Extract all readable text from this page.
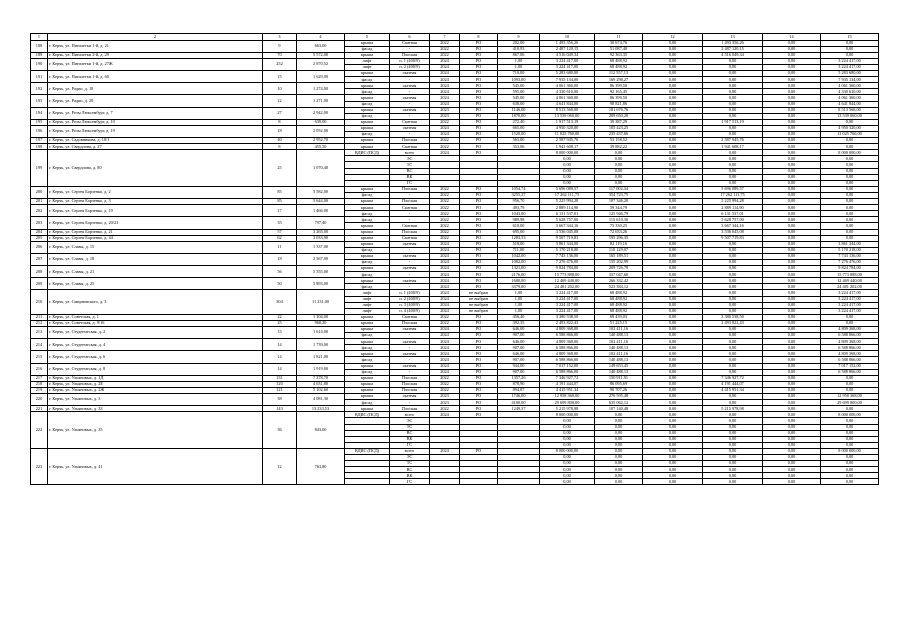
1	2	3	4	5	6	7	8	9	10	11	12	13	14	15
188	г. Керчь, ул. Пятилетки 1-й, д. 21	9	663,00	крыша	Скатная	2022	РО	202,00	1 493 356,26	30 674,76	0,00	1 493 356,26	0,00	0,00
				фасад	-	2022	РО	410,93	2 487 120,15	51 087,48	0,00	2 487 120,15	0,00	0,00
189	г. Керчь, ул. Пятилетки 2-й, д. 29	70	5 572,00	крыша	Плоская	2022	РО	867,06	4 516 049,34	92 363,35	0,00	4 516 049,34	0,00	0,00
190	г. Керчь, ул. Пятилетки 1-й, д. 27Ж	252	2 870,52	лифт	п. 1 (400/9)	2024	РО	1,00	3 224 417,00	68 488,92	0,00	0,00	0,00	3 224 417,00
				лифт	п. 2 (400/9)	2024	РО	1,00	3 224 417,00	68 488,92	0,00	0,00	0,00	3 224 417,00
191	г. Керчь, ул. Пятилетки 1-й, д. 60	15	1 629,00	крыша	скатная	2024	РО	710,00	5 283 680,00	112 557,13	0,00	0,00	0,00	5 283 680,00
				фасад	-	2024	РО	1093,00	7 935 134,00	169 298,27	0,00	0,00	0,00	7 935 134,00
192	г. Керчь, ул. Радио, д. 18	10	1 274,00	крыша	скатная	2024	РО	545,00	4 061 360,00	86 399,50	0,00	0,00	0,00	4 061 360,00
				фасад	-	2024	РО	595,00	4 330 610,00	92 165,45	0,00	0,00	0,00	4 330 610,00
193	г. Керчь, ул. Радио, д. 20	12	1 271,00	крыша	скатная	2024	РО	545,00	4 061 360,00	86 399,50	0,00	0,00	0,00	4 061 360,00
				фасад	-	2024	РО	638,00	4 641 844,00	98 821,86	0,00	0,00	0,00	4 641 844,00
194	г. Керчь, ул. Розы Люксембург, д. 7	27	2 942,00	крыша	скатная	2023	РО	1146,00	8 513 568,00	181 676,76	0,00	0,00	0,00	8 513 568,00
				фасад	-	2023	РО	1870,00	13 539 060,00	289 650,28	0,00	0,00	0,00	13 539 060,00
195	г. Керчь, ул. Розы Люксембург, д. 10	8	639,00	крыша	Скатная	2022	РО	272,40	1 917 513,19	39 387,29	0,00	1 917 513,19	0,00	0,00
196	г. Керчь, ул. Розы Люксембург, д. 19	18	2 052,00	крыша	скатная	2024	РО	665,00	4 950 320,00	105 423,25	0,00	0,00	0,00	4 950 320,00
				фасад	-	2024	РО	1520,00	11 025 760,00	235 437,66	0,00	0,00	0,00	11 025 760,00
197	г. Керчь, ул. Садовникова, д. 10/1	40	2 952,70	крыша	Плоская	2022	РО	563,00	2 587 945,76	53 158,52	0,00	2 587 945,76	0,00	0,00
198	г. Керчь, ул. Свердлова, д. 27	8	455,50	крыша	Скатная	2022	РО	353,06	1 941 608,17	39 882,22	0,00	1 941 608,17	0,00	0,00
199	г. Керчь, ул. Свердлова, д. 80	25	1 070,40	ВДИС (ПСД)	всего	2024	РО		8 000 000,00	0,00	0,00	0,00	0,00	8 000 000,00
					ЭС				0,00	0,00	0,00	0,00	0,00	0,00
					ТС				0,00	0,00	0,00	0,00	0,00	0,00
					ВС				0,00	0,00	0,00	0,00	0,00	0,00
					ВК				0,00	0,00	0,00	0,00	0,00	0,00
					ГС				0,00	0,00	0,00	0,00	0,00	0,00
200	г. Керчь, ул. Сергея Борзенко, д. 2	85	5 582,00	крыша	Плоская	2022	РО	1054,74	5 696 089,57	117 002,34	0,00	5 696 089,57	0,00	0,00
				фасад	-	2022	РО	3255,27	17 262 111,75	354 723,75	0,00	17 262 111,75	0,00	0,00
201	г. Керчь, ул. Сергея Борзенко, д. 3	85	5 644,00	крыша	Плоская	2022	РО	956,70	5 225 994,28	107 346,20	0,00	5 225 994,28	0,00	0,00
202	г. Керчь, ул. Сергея Борзенко, д. 19	17	1 466,00	крыша	Скатная	2022	РО	493,79	2 889 114,90	59 344,79	0,00	2 889 114,90	0,00	0,00
				фасад	-	2022	РО	1043,00	6 131 537,01	125 946,79	0,00	6 131 537,01	0,00	0,00
203	г. Керчь, ул. Сергея Борзенко, д. 20/21	35	797,40	фасад	-	2022	РО	989,98	5 628 757,00	115 619,30	0,00	5 628 757,00	0,00	0,00
				крыша	Скатная	2022	РО	610,00	3 667 344,16	75 330,25	0,00	3 667 344,16	0,00	0,00
204	г. Керчь, ул. Сергея Борзенко, д. 21	57	3 265,00	крыша	Плоская	2022	РО	695,00	3 536 045,08	72 633,26	0,00	3 536 045,08	0,00	0,00
205	г. Керчь, ул. Сергея Борзенко, д. 44	62	3 033,90	крыша	Скатная	2022	РО	1283,53	9 507 719,83	195 296,35	0,00	9 507 719,83	0,00	0,00
206	г. Керчь, ул. Славы, д. 15	11	1 337,00	крыша	скатная	2024	РО	518,00	3 861 344,00	82 119,16	0,00	0,00	0,00	3 861 344,00
				фасад	-	2024	РО	711,00	5 170 218,00	110 129,07	0,00	0,00	0,00	5 170 218,00
207	г. Керчь, ул. Славы, д. 18	18	2 567,00	крыша	скатная	2024	РО	1042,00	7 743 136,00	165 189,51	0,00	0,00	0,00	7 743 136,00
				фасад	-	2024	РО	1002,00	7 276 476,00	155 202,99	0,00	0,00	0,00	7 276 476,00
208	г. Керчь, ул. Славы, д. 21	56	5 355,00	крыша	скатная	2024	РО	1321,00	9 824 784,00	209 726,78	0,00	0,00	0,00	9 824 784,00
				фасад	-	2024	РО	2176,00	15 773 888,00	337 047,60	0,00	0,00	0,00	15 773 888,00
209	г. Керчь, ул. Славы, д. 25	50	5 893,00	крыша	скатная	2024	РО	1680,00	12 469 440,00	266 332,42	0,00	0,00	0,00	12 469 440,00
				фасад	-	2024	РО	3379,00	24 481 202,00	523 384,12	0,00	0,00	0,00	24 481 202,00
210	г. Керчь, ул. Смирновского, д. 3	304	11 231,00	лифт	п. 1 (400/9)	2024	не выбран	1,00	3 224 417,00	68 488,92	0,00	0,00	0,00	3 224 417,00
				лифт	п. 2 (400/9)	2024	не выбран	1,00	3 224 417,00	68 488,92	0,00	0,00	0,00	3 224 417,00
				лифт	п. 3 (400/9)	2024	не выбран	1,00	3 224 417,00	68 488,92	0,00	0,00	0,00	3 224 417,00
				лифт	п. 4 (400/9)	2024	не выбран	1,00	3 224 417,00	68 488,92	0,00	0,00	0,00	3 224 417,00
211	г. Керчь, ул. Советская, д. 1	22	1 104,00	крыша	Скатная	2022	РО	456,40	3 380 538,50	69 439,03	0,00	3 380 538,50	0,00	0,00
212	г. Керчь, ул. Советская, д. 9/16	25	960,20	крыша	Плоская	2022	РО	392,35	2 493 822,43	51 225,15	0,00	2 493 822,43	0,00	0,00
213	г. Керчь, ул. Студенческая, д. 2	15	1 614,00	крыша	скатная	2024	РО	646,00	4 809 368,00	102 411,16	0,00	0,00	0,00	4 809 368,00
				фасад	-	2024	РО	907,00	6 588 866,00	140 488,13	0,00	0,00	0,00	6 588 866,00
214	г. Керчь, ул. Студенческая, д. 4	14	1 739,00	крыша	скатная	2024	РО	646,00	4 809 368,00	102 411,16	0,00	0,00	0,00	4 809 368,00
				фасад	-	2024	РО	907,00	6 588 866,00	140 488,13	0,00	0,00	0,00	6 588 866,00
215	г. Керчь, ул. Студенческая, д. 6	14	1 821,00	крыша	скатная	2024	РО	646,00	4 809 368,00	102 411,16	0,00	0,00	0,00	4 809 368,00
				фасад	-	2024	РО	907,00	6 588 866,00	140 488,13	0,00	0,00	0,00	6 588 866,00
216	г. Керчь, ул. Студенческая, д. 8	14	1 919,00	крыша	скатная	2024	РО	944,00	7 017 152,00	149 653,45	0,00	0,00	0,00	7 017 152,00
				фасад	-	2024	РО	907,00	6 588 866,00	140 488,13	0,00	0,00	0,00	6 588 866,00
217	г. Керчь, ул. Ульяновых, д. 1Д	131	7 378,70	крыша	Плоская	2022	РО	1357,26	7 346 927,72	150 911,91	0,00	7 346 927,72	0,00	0,00
218	г. Керчь, ул. Ульяновых, д. 2Е	120	4 631,80	крыша	Плоская	2022	РО	878,90	4 191 444,07	86 095,69	0,00	4 191 444,07	0,00	0,00
219	г. Керчь, ул. Ульяновых, д. 2Ж	121	5 102,60	крыша	Плоская	2022	РО	894,87	4 415 951,34	90 707,26	0,00	4 415 951,34	0,00	0,00
220	г. Керчь, ул. Ульяновых, д. 3	38	4 081,30	крыша	скатная	2023	РО	1746,00	12 958 368,00	276 595,48	0,00	0,00	0,00	12 958 368,00
				фасад	-	2023	РО	4100,00	29 699 800,00	635 062,12	0,00	0,00	0,00	29 699 800,00
221	г. Керчь, ул. Ульяновых, д. 33	143	13 233,53	крыша	Плоская	2022	РО	1249,37	5 215 978,98	107 140,48	0,00	5 215 978,98	0,00	0,00
222	г. Керчь, ул. Ульяновых, д. 35	36	843,00	ВДИС (ПСД)	всего	2024	РО		8 000 000,00	0,00	0,00	0,00	0,00	8 000 000,00
					ЭС				0,00	0,00	0,00	0,00	0,00	0,00
					ТС				0,00	0,00	0,00	0,00	0,00	0,00
					ВС				0,00	0,00	0,00	0,00	0,00	0,00
					ВК				0,00	0,00	0,00	0,00	0,00	0,00
					ГС				0,00	0,00	0,00	0,00	0,00	0,00
223	г. Керчь, ул. Ульяновых, д. 41	12	763,80	ВДИС (ПСД)	всего	2024	РО		8 000 000,00	0,00	0,00	0,00	0,00	8 000 000,00
					ЭС				0,00	0,00	0,00	0,00	0,00	0,00
					ТС				0,00	0,00	0,00	0,00	0,00	0,00
					ВС				0,00	0,00	0,00	0,00	0,00	0,00
					ВК				0,00	0,00	0,00	0,00	0,00	0,00
					ГС				0,00	0,00	0,00	0,00	0,00	0,00
